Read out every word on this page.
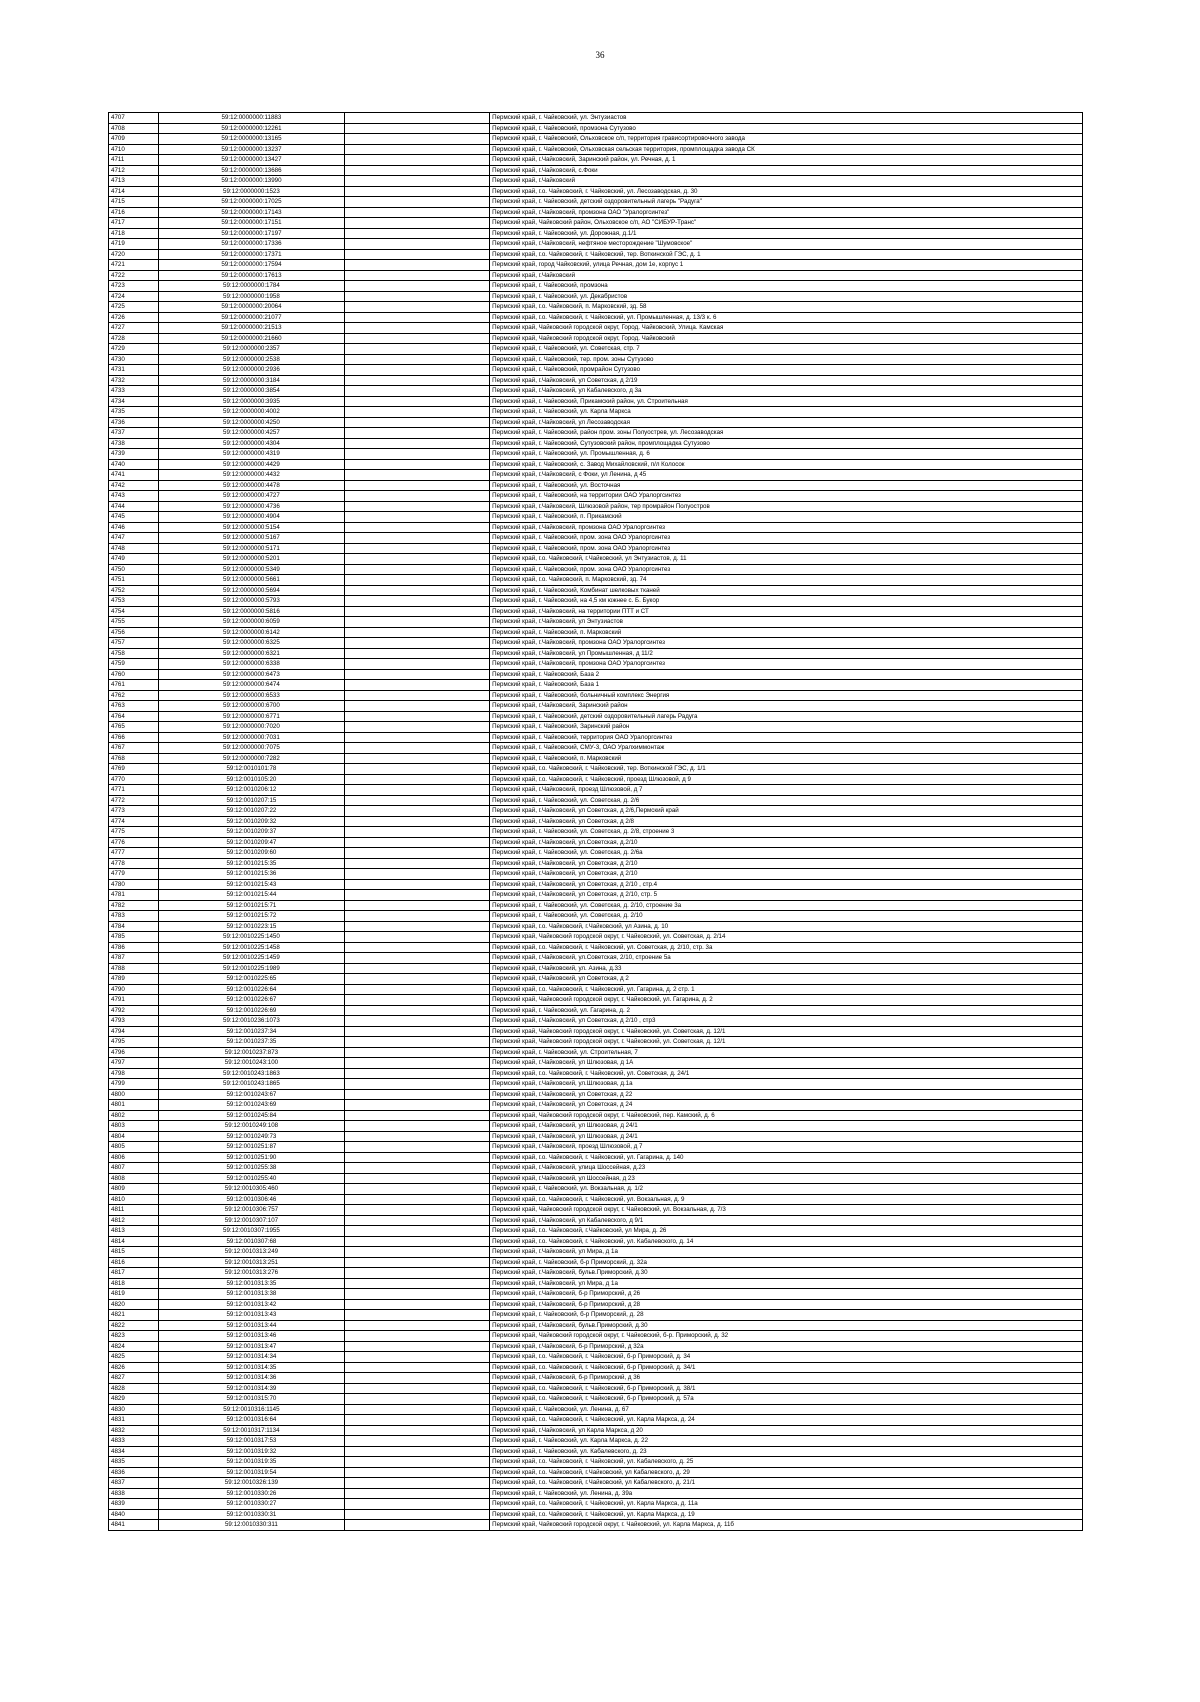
36
4707	59:12:0000000:11883		Пермский край, г. Чайковский, ул. Энтузиастов
4708	59:12:0000000:12261		Пермский край, г. Чайковский, промзона Сутузово
4709	59:12:0000000:13165		Пермский край, г. Чайковский, Ольховское с/п, территория грависортировочного завода
4710	59:12:0000000:13237		Пермский край, г. Чайковский, Ольховская сельская территория, промплощадка завода СК
4711	59:12:0000000:13427		Пермский край, г.Чайковский, Заринский район, ул. Речная, д. 1
4712	59:12:0000000:13686		Пермский край, г.Чайковский, с.Фоки
4713	59:12:0000000:13990		Пермский край, г.Чайковский
4714	59:12:0000000:1523		Пермский край, г.о. Чайковский, г. Чайковский, ул. Лесозаводская, д. 30
4715	59:12:0000000:17025		Пермский край, г. Чайковский, детский оздоровительный лагерь "Радуга"
4716	59:12:0000000:17143		Пермский край, г.Чайковский, промзона ОАО "Уралоргсинтез"
4717	59:12:0000000:17151		Пермский край, Чайковский район, Ольховское с/п, АО "СИБУР-Транс"
4718	59:12:0000000:17197		Пермский край, г. Чайковский, ул. Дорожная, д.1/1
4719	59:12:0000000:17336		Пермский край, г.Чайковский, нефтяное месторождение "Шумовское"
4720	59:12:0000000:17371		Пермский край, г.о. Чайковский, г. Чайковский, тер. Воткинской ГЭС, д. 1
4721	59:12:0000000:17594		Пермский край, город Чайковский, улица Речная, дом 1е, корпус 1
4722	59:12:0000000:17613		Пермский край, г.Чайковский
4723	59:12:0000000:1784		Пермский край, г. Чайковский, промзона
4724	59:12:0000000:1958		Пермский край, г. Чайковский, ул. Декабристов
4725	59:12:0000000:20064		Пермский край, г.о. Чайковский, п. Марковский, зд. 58
4726	59:12:0000000:21077		Пермский край, г.о. Чайковский, г. Чайковский, ул. Промышленная, д. 13/3 к. 6
4727	59:12:0000000:21513		Пермский край, Чайковский городской округ, Город. Чайковский, Улица. Камская
4728	59:12:0000000:21660		Пермский край, Чайковский городской округ, Город. Чайковский
4729	59:12:0000000:2357		Пермский край, г. Чайковский, ул. Советская, стр. 7
4730	59:12:0000000:2538		Пермский край, г. Чайковский, тер. пром. зоны Сутузово
4731	59:12:0000000:2936		Пермский край, г. Чайковский, промрайон Сутузово
4732	59:12:0000000:3184		Пермский край, г.Чайковский, ул Советская, д 2/19
4733	59:12:0000000:3854		Пермский край, г.Чайковский, ул Кабалевского, д 3а
4734	59:12:0000000:3935		Пермский край, г. Чайковский, Прикамский район, ул. Строительная
4735	59:12:0000000:4002		Пермский край, г. Чайковский, ул. Карла Маркса
4736	59:12:0000000:4250		Пермский край, г.Чайковский, ул Лесозаводская
4737	59:12:0000000:4257		Пермский край, г. Чайковский, район пром. зоны Полуострев, ул. Лесозаводская
4738	59:12:0000000:4304		Пермский край, г. Чайковский, Сутузовский район, промплощадка Сутузово
4739	59:12:0000000:4319		Пермский край, г. Чайковский, ул. Промышленная, д. 6
4740	59:12:0000000:4429		Пермский край, г. Чайковский, с. Завод Михайловский, п/л Колосок
4741	59:12:0000000:4432		Пермский край, г.Чайковский, с Фоки, ул Ленина, д 45
4742	59:12:0000000:4478		Пермский край, г. Чайковский, ул. Восточная
4743	59:12:0000000:4727		Пермский край, г. Чайковский, на территории ОАО Уралоргсинтез
4744	59:12:0000000:4736		Пермский край, г.Чайковский, Шлюзовой район, тер промрайон Полуостров
4745	59:12:0000000:4904		Пермский край, г. Чайковский, п. Прикамский
4746	59:12:0000000:5154		Пермский край, г.Чайковский, промзона ОАО Уралоргсинтез
4747	59:12:0000000:5167		Пермский край, г. Чайковский, пром. зона ОАО Уралоргсинтез
4748	59:12:0000000:5171		Пермский край, г. Чайковский, пром. зона ОАО Уралоргсинтез
4749	59:12:0000000:5201		Пермский край, г.о. Чайковский, г.Чайковский, ул Энтузиастов, д. 11
4750	59:12:0000000:5349		Пермский край, г. Чайковский, пром. зона ОАО Уралоргсинтез
4751	59:12:0000000:5661		Пермский край, г.о. Чайковский, п. Марковский, зд. 74
4752	59:12:0000000:5694		Пермский край, г. Чайковский, Комбинат шелковых тканей
4753	59:12:0000000:5793		Пермский край, г. Чайковский, на 4,5 км южнее с. Б. Букор
4754	59:12:0000000:5816		Пермский край, г.Чайковский, на территории ПТТ и СТ
4755	59:12:0000000:6059		Пермский край, г.Чайковский, ул Энтузиастов
4756	59:12:0000000:6142		Пермский край, г. Чайковский, п. Марковский
4757	59:12:0000000:6325		Пермский край, г.Чайковский, промзона ОАО Уралоргсинтез
4758	59:12:0000000:6321		Пермский край, г.Чайковский, ул Промышленная, д 11/2
4759	59:12:0000000:6338		Пермский край, г.Чайковский, промзона ОАО Уралоргсинтез
4760	59:12:0000000:6473		Пермский край, г. Чайковский, База 2
4761	59:12:0000000:6474		Пермский край, г. Чайковский, База 1
4762	59:12:0000000:6533		Пермский край, г. Чайковский, больничный комплекс Энергия
4763	59:12:0000000:6700		Пермский край, г.Чайковский, Заринский район
4764	59:12:0000000:6771		Пермский край, г. Чайковский, детский оздоровительный лагерь Радуга
4765	59:12:0000000:7020		Пермский край, г. Чайковский, Заринский район
4766	59:12:0000000:7031		Пермский край, г. Чайковский, территория ОАО Уралоргсинтез
4767	59:12:0000000:7075		Пермский край, г. Чайковский, СМУ-3, ОАО Уралхиммонтаж
4768	59:12:0000000:7282		Пермский край, г. Чайковский, п. Марковский
4769	59:12:0010101:78		Пермский край, г.о. Чайковский, г. Чайковский, тер. Воткинской ГЭС, д. 1/1
4770	59:12:0010105:20		Пермский край, г.о. Чайковский, г. Чайковский, проезд Шлюзовой, д 9
4771	59:12:0010206:12		Пермский край, г.Чайковский, проезд Шлюзовой, д 7
4772	59:12:0010207:15		Пермский край, г. Чайковский, ул. Советская, д. 2/6
4773	59:12:0010207:22		Пермский край, г.Чайковский, ул Советская, д 2/6,Пермский край
4774	59:12:0010209:32		Пермский край, г.Чайковский, ул Советская, д 2/8
4775	59:12:0010209:37		Пермский край, г. Чайковский, ул. Советская, д. 2/8, строение 3
4776	59:12:0010209:47		Пермский край, г.Чайковский, ул.Советская, д.2/10
4777	59:12:0010209:60		Пермский край, г. Чайковский, ул. Советская, д. 2/6а
4778	59:12:0010215:35		Пермский край, г.Чайковский, ул Советская, д 2/10
4779	59:12:0010215:36		Пермский край, г.Чайковский, ул Советская, д 2/10
4780	59:12:0010215:43		Пермский край, г.Чайковский, ул Советская, д 2/10 , стр.4
4781	59:12:0010215:44		Пермский край, г.Чайковский, ул Советская, д 2/10, стр. 5
4782	59:12:0010215:71		Пермский край, г. Чайковский, ул. Советская, д. 2/10, строение 3а
4783	59:12:0010215:72		Пермский край, г. Чайковский, ул. Советская, д. 2/10
4784	59:12:0010223:15		Пермский край, г.о. Чайковский, г.Чайковский, ул Азина, д. 10
4785	59:12:0010225:1450		Пермский край, Чайковский городской округ, г. Чайковский, ул. Советская, д. 2/14
4786	59:12:0010225:1458		Пермский край, г.о. Чайковский, г. Чайковский, ул. Советская, д. 2/10, стр. 3а
4787	59:12:0010225:1459		Пермский край, г.Чайковский, ул.Советская, 2/10, строение 5а
4788	59:12:0010225:1989		Пермский край, г.Чайковский, ул. Азина, д.33
4789	59:12:0010225:65		Пермский край, г.Чайковский, ул Советская, д 2
4790	59:12:0010226:64		Пермский край, г.о. Чайковский, г. Чайковский, ул. Гагарина, д. 2 стр. 1
4791	59:12:0010226:67		Пермский край, Чайковский городской округ, г. Чайковский, ул. Гагарина, д. 2
4792	59:12:0010226:69		Пермский край, г. Чайковский, ул. Гагарина, д. 2
4793	59:12:0010236:1073		Пермский край, г.Чайковский, ул Советская, д 2/10 , стр3
4794	59:12:0010237:34		Пермский край, Чайковский городской округ, г. Чайковский, ул. Советская, д. 12/1
4795	59:12:0010237:35		Пермский край, Чайковский городской округ, г. Чайковский, ул. Советская, д. 12/1
4796	59:12:0010237:873		Пермский край, г. Чайковский, ул. Строительная, 7
4797	59:12:0010243:100		Пермский край, г.Чайковский, ул Шлюзовая, д 1А
4798	59:12:0010243:1863		Пермский край, г.о. Чайковский, г. Чайковский, ул. Советская, д. 24/1
4799	59:12:0010243:1865		Пермский край, г.Чайковский, ул.Шлюзовая, д.1а
4800	59:12:0010243:67		Пермский край, г.Чайковский, ул Советская, д 22
4801	59:12:0010243:69		Пермский край, г.Чайковский, ул Советская, д 24
4802	59:12:0010245:84		Пермский край, Чайковский городской округ, г. Чайковский, пер. Камский, д. 6
4803	59:12:0010249:108		Пермский край, г.Чайковский, ул Шлюзовая, д 24/1
4804	59:12:0010249:73		Пермский край, г.Чайковский, ул Шлюзовая, д 24/1
4805	59:12:0010251:87		Пермский край, г.Чайковский, проезд Шлюзовой, д 7
4806	59:12:0010251:90		Пермский край, г.о. Чайковский, г. Чайковский, ул. Гагарина, д. 140
4807	59:12:0010255:38		Пермский край, г.Чайковский, улица Шоссейная, д.23
4808	59:12:0010255:40		Пермский край, г.Чайковский, ул Шоссейная, д 23
4809	59:12:0010305:460		Пермский край, г. Чайковский, ул. Вокзальная, д. 1/2
4810	59:12:0010306:46		Пермский край, г.о. Чайковский, г. Чайковский, ул. Вокзальная, д. 9
4811	59:12:0010306:757		Пермский край, Чайковский городской округ, г. Чайковский, ул. Вокзальная, д. 7/3
4812	59:12:0010307:107		Пермский край, г.Чайковский, ул Кабалевского, д 9/1
4813	59:12:0010307:1955		Пермский край, г.о. Чайковский, г.Чайковский, ул Мира, д. 26
4814	59:12:0010307:68		Пермский край, г.о. Чайковский, г. Чайковский, ул. Кабалевского, д. 14
4815	59:12:0010313:249		Пермский край, г.Чайковский, ул Мира, д 1а
4816	59:12:0010313:251		Пермский край, г. Чайковский, б-р Приморский, д. 32а
4817	59:12:0010313:276		Пермский край, г.Чайковский, бульв.Приморский, д.30
4818	59:12:0010313:35		Пермский край, г.Чайковский, ул Мира, д 1а
4819	59:12:0010313:38		Пермский край, г.Чайковский, б-р Приморский, д 26
4820	59:12:0010313:42		Пермский край, г.Чайковский, б-р Приморский, д 28
4821	59:12:0010313:43		Пермский край, г. Чайковский, б-р Приморский, д. 28
4822	59:12:0010313:44		Пермский край, г.Чайковский, бульв.Приморский, д.30
4823	59:12:0010313:46		Пермский край, Чайковский городской округ, г. Чайковский, б-р. Приморский, д. 32
4824	59:12:0010313:47		Пермский край, г.Чайковский, б-р Приморский, д 32а
4825	59:12:0010314:34		Пермский край, г.о. Чайковский, г. Чайковский, б-р Приморский, д. 34
4826	59:12:0010314:35		Пермский край, г.о. Чайковский, г. Чайковский, б-р Приморский, д. 34/1
4827	59:12:0010314:36		Пермский край, г.Чайковский, б-р Приморский, д 36
4828	59:12:0010314:39		Пермский край, г.о. Чайковский, г. Чайковский, б-р Приморский, д. 38/1
4829	59:12:0010315:70		Пермский край, г.о. Чайковский, г. Чайковский, б-р Приморский, д. 57а
4830	59:12:0010316:1145		Пермский край, г. Чайковский, ул. Ленина, д. 67
4831	59:12:0010316:64		Пермский край, г.о. Чайковский, г. Чайковский, ул. Карла Маркса, д. 24
4832	59:12:0010317:1134		Пермский край, г.Чайковский, ул Карла Маркса, д 20
4833	59:12:0010317:53		Пермский край, г. Чайковский, ул. Карла Маркса, д. 22
4834	59:12:0010319:32		Пермский край, г. Чайковский, ул. Кабалевского, д. 23
4835	59:12:0010319:35		Пермский край, г.о. Чайковский, г. Чайковский, ул. Кабалевского, д. 25
4836	59:12:0010319:54		Пермский край, г.о. Чайковский, г.Чайковский, ул Кабалевского, д. 29
4837	59:12:0010326:139		Пермский край, г.о. Чайковский, г.Чайковский, ул Кабалевского, д. 21/1
4838	59:12:0010330:26		Пермский край, г. Чайковский, ул. Ленина, д. 39а
4839	59:12:0010330:27		Пермский край, г.о. Чайковский, г. Чайковский, ул. Карла Маркса, д. 11а
4840	59:12:0010330:31		Пермский край, г.о. Чайковский, г. Чайковский, ул. Карла Маркса, д. 19
4841	59:12:0010330:311		Пермский край, Чайковский городской округ, г. Чайковский, ул. Карла Маркса, д. 11б
